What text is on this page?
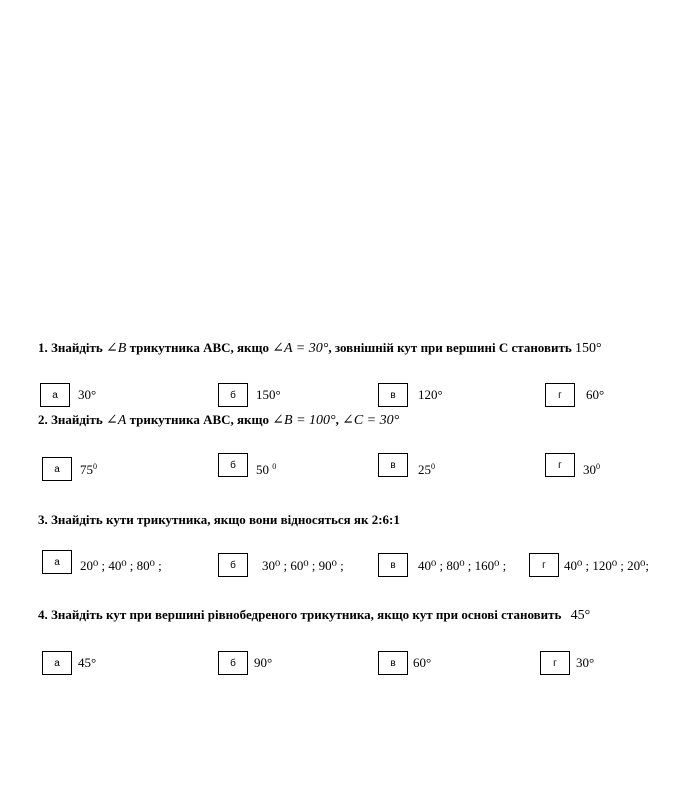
1. Знайдіть ∠B трикутника ABC, якщо ∠A = 30°, зовнішній кут при вершині С становить 150°
а 30°	б 150°	в 120°	г 60°
2. Знайдіть ∠A трикутника ABC, якщо ∠B = 100°, ∠C = 30°
а $75^0$	б 50 $^0$	в $25^0$	г $30^0$
3. Знайдіть кути трикутника, якщо вони відносяться як 2:6:1
а 20⁰ ; 40⁰ ; 80⁰ ;	б 30⁰ ; 60⁰ ; 90⁰ ;	в 40⁰ ; 80⁰ ; 160⁰ ;	г 40⁰ ; 120⁰ ; 20⁰;
4. Знайдіть кут при вершині рівнобедреного трикутника, якщо кут при основі становить 45°
а 45°	б 90°	в 60°	г 30°
